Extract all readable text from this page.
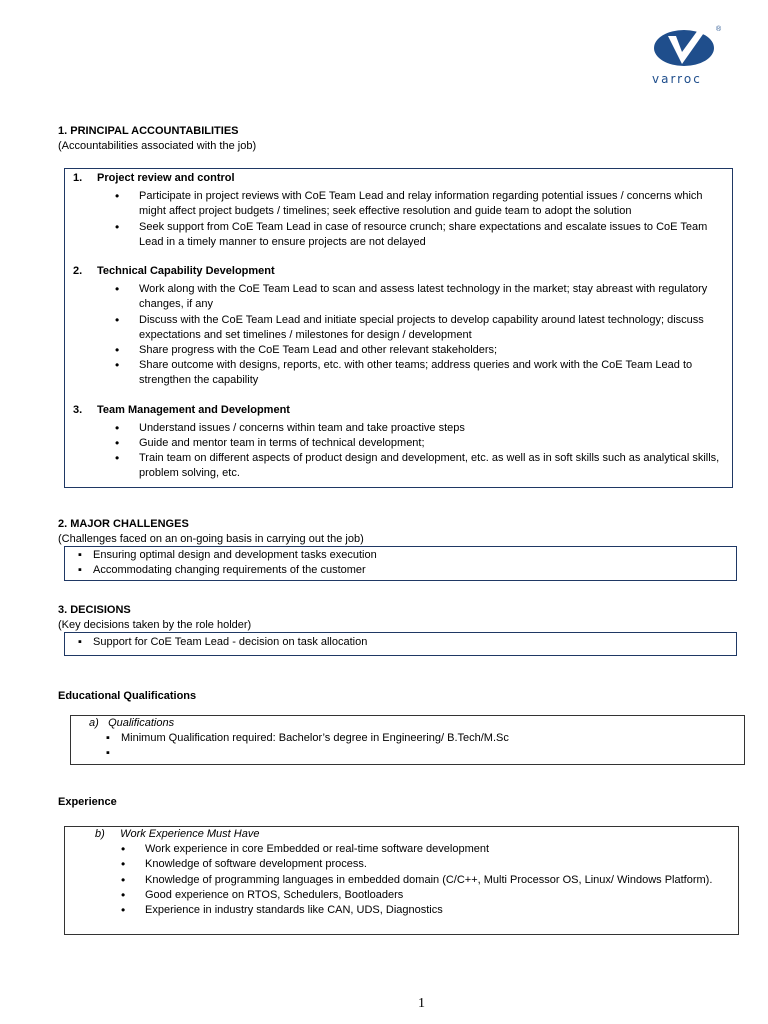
®
varroc
1. PRINCIPAL ACCOUNTABILITIES
(Accountabilities associated with the job)
1. Project review and control
• Participate in project reviews with CoE Team Lead and relay information regarding potential issues / concerns which might affect project budgets / timelines; seek effective resolution and guide team to adopt the solution
• Seek support from CoE Team Lead in case of resource crunch; share expectations and escalate issues to CoE Team Lead in a timely manner to ensure projects are not delayed
2. Technical Capability Development
• Work along with the CoE Team Lead to scan and assess latest technology in the market; stay abreast with regulatory changes, if any
• Discuss with the CoE Team Lead and initiate special projects to develop capability around latest technology; discuss expectations and set timelines / milestones for design / development
• Share progress with the CoE Team Lead and other relevant stakeholders;
• Share outcome with designs, reports, etc. with other teams; address queries and work with the CoE Team Lead to strengthen the capability
3. Team Management and Development
• Understand issues / concerns within team and take proactive steps
• Guide and mentor team in terms of technical development;
• Train team on different aspects of product design and development, etc. as well as in soft skills such as analytical skills, problem solving, etc.
2. MAJOR CHALLENGES
(Challenges faced on an on-going basis in carrying out the job)
▪ Ensuring optimal design and development tasks execution
▪ Accommodating changing requirements of the customer
3. DECISIONS
(Key decisions taken by the role holder)
▪ Support for CoE Team Lead - decision on task allocation
Educational Qualifications
a) Qualifications
▪ Minimum Qualification required: Bachelor’s degree in Engineering/ B.Tech/M.Sc
▪
Experience
b) Work Experience Must Have
• Work experience in core Embedded or real-time software development
• Knowledge of software development process.
• Knowledge of programming languages in embedded domain (C/C++, Multi Processor OS, Linux/ Windows Platform).
• Good experience on RTOS, Schedulers, Bootloaders
• Experience in industry standards like CAN, UDS, Diagnostics
1
